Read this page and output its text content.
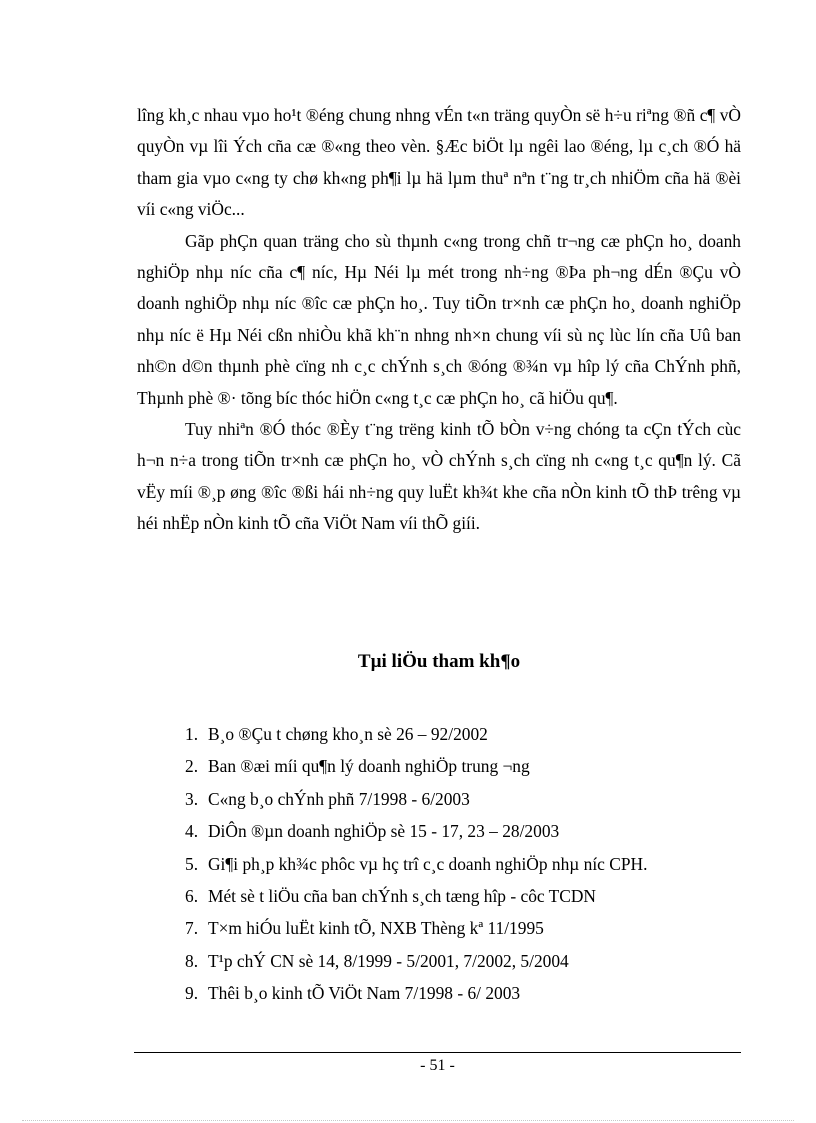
lîng kh¸c nhau vµo ho¹t ®éng chung nhng vÉn t«n träng quyÒn së h÷u riªng ®ñ c¶ vÒ quyÒn vµ lîi Ých cña cæ ®«ng theo vèn. §Æc biÖt lµ ngêi lao ®éng, lµ c¸ch ®Ó hä tham gia vµo c«ng ty chø kh«ng ph¶i lµ hä lµm thuª nªn t¨ng tr¸ch nhiÖm cña hä ®èi víi c«ng viÖc...

Gãp phÇn quan träng cho sù thµnh c«ng trong chñ tr¬ng cæ phÇn ho¸ doanh nghiÖp nhµ níc cña c¶ níc, Hµ Néi lµ mét trong nh÷ng ®Þa ph¬ng dÉn ®Çu vÒ doanh nghiÖp nhµ níc ®îc cæ phÇn ho¸. Tuy tiÕn tr×nh cæ phÇn ho¸ doanh nghiÖp nhµ níc ë Hµ Néi cßn nhiÒu khã kh¨n nhng nh×n chung víi sù nç lùc lín cña Uû ban nh©n d©n thµnh phè cïng nh c¸c chÝnh s¸ch ®óng ®¾n vµ hîp lý cña ChÝnh phñ, Thµnh phè ®· tõng bíc thóc hiÖn c«ng t¸c cæ phÇn ho¸ cã hiÖu qu¶.

Tuy nhiªn ®Ó thóc ®Èy t¨ng trëng kinh tÕ bÒn v÷ng chóng ta cÇn tÝch cùc h¬n n÷a trong tiÕn tr×nh cæ phÇn ho¸ vÒ chÝnh s¸ch cïng nh c«ng t¸c qu¶n lý. Cã vËy míi ®¸p øng ®îc ®ßi hái nh÷ng quy luËt kh¾t khe cña nÒn kinh tÕ thÞ trêng vµ héi nhËp nÒn kinh tÕ cña ViÖt Nam víi thÕ giíi.

Tµi liÖu tham kh¶o
1. B¸o ®Çu t chøng kho¸n sè 26 – 92/2002
2. Ban ®æi míi qu¶n lý doanh nghiÖp trung ¬ng
3. C«ng b¸o chÝnh phñ 7/1998 - 6/2003
4. DiÔn ®µn doanh nghiÖp sè 15 - 17, 23 – 28/2003
5. Gi¶i ph¸p kh¾c phôc vµ hç trî c¸c doanh nghiÖp nhµ níc CPH.
6. Mét sè t liÖu cña ban chÝnh s¸ch tæng hîp - côc TCDN
7. T×m hiÓu luËt kinh tÕ, NXB Thèng kª 11/1995
8. T¹p chÝ CN sè 14, 8/1999 - 5/2001, 7/2002, 5/2004
9. Thêi b¸o kinh tÕ ViÖt Nam 7/1998 - 6/ 2003
- 51 -
